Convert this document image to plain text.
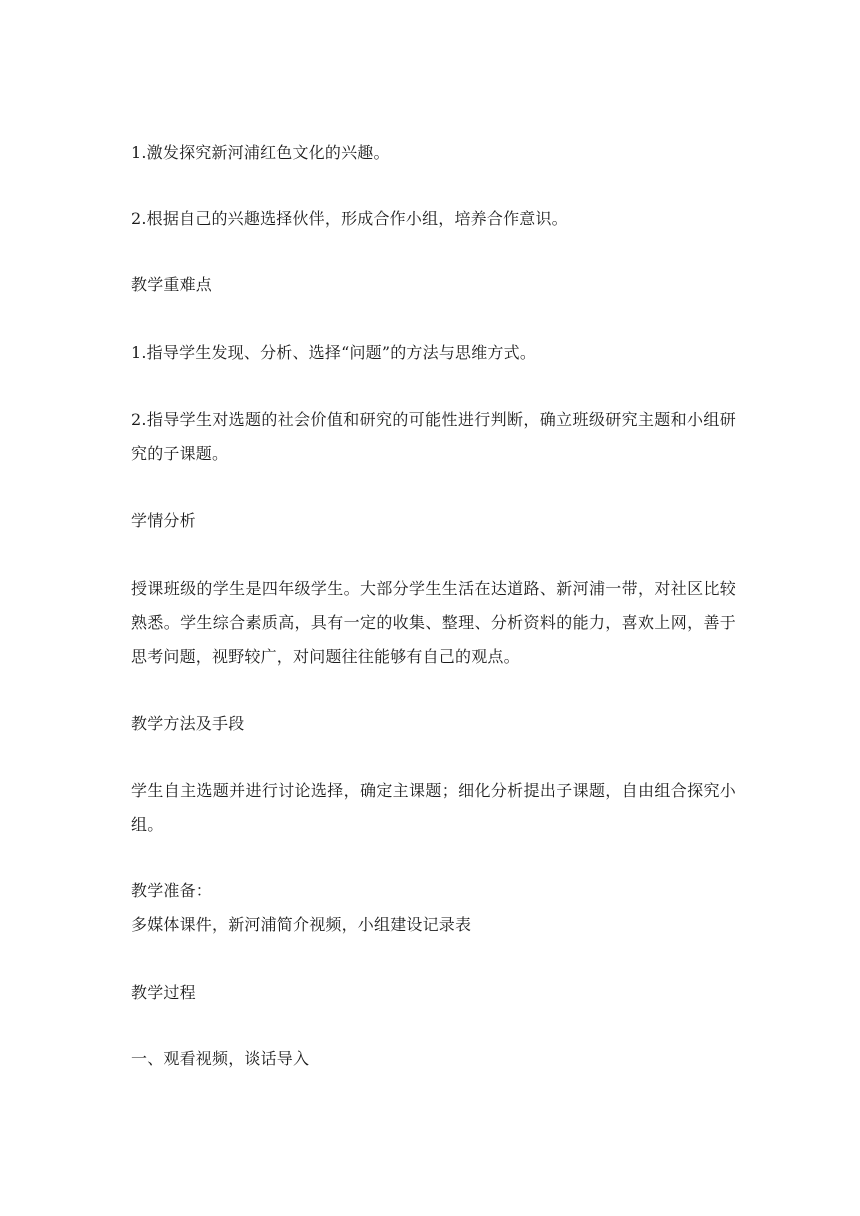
1.激发探究新河浦红色文化的兴趣。

2.根据自己的兴趣选择伙伴，形成合作小组，培养合作意识。

教学重难点

1.指导学生发现、分析、选择“问题”的方法与思维方式。

2.指导学生对选题的社会价值和研究的可能性进行判断，确立班级研究主题和小组研究的子课题。

学情分析

授课班级的学生是四年级学生。大部分学生生活在达道路、新河浦一带，对社区比较熟悉。学生综合素质高，具有一定的收集、整理、分析资料的能力，喜欢上网，善于思考问题，视野较广，对问题往往能够有自己的观点。

教学方法及手段

学生自主选题并进行讨论选择，确定主课题；细化分析提出子课题，自由组合探究小组。

教学准备：

多媒体课件，新河浦简介视频，小组建设记录表

教学过程

一、观看视频，谈话导入
